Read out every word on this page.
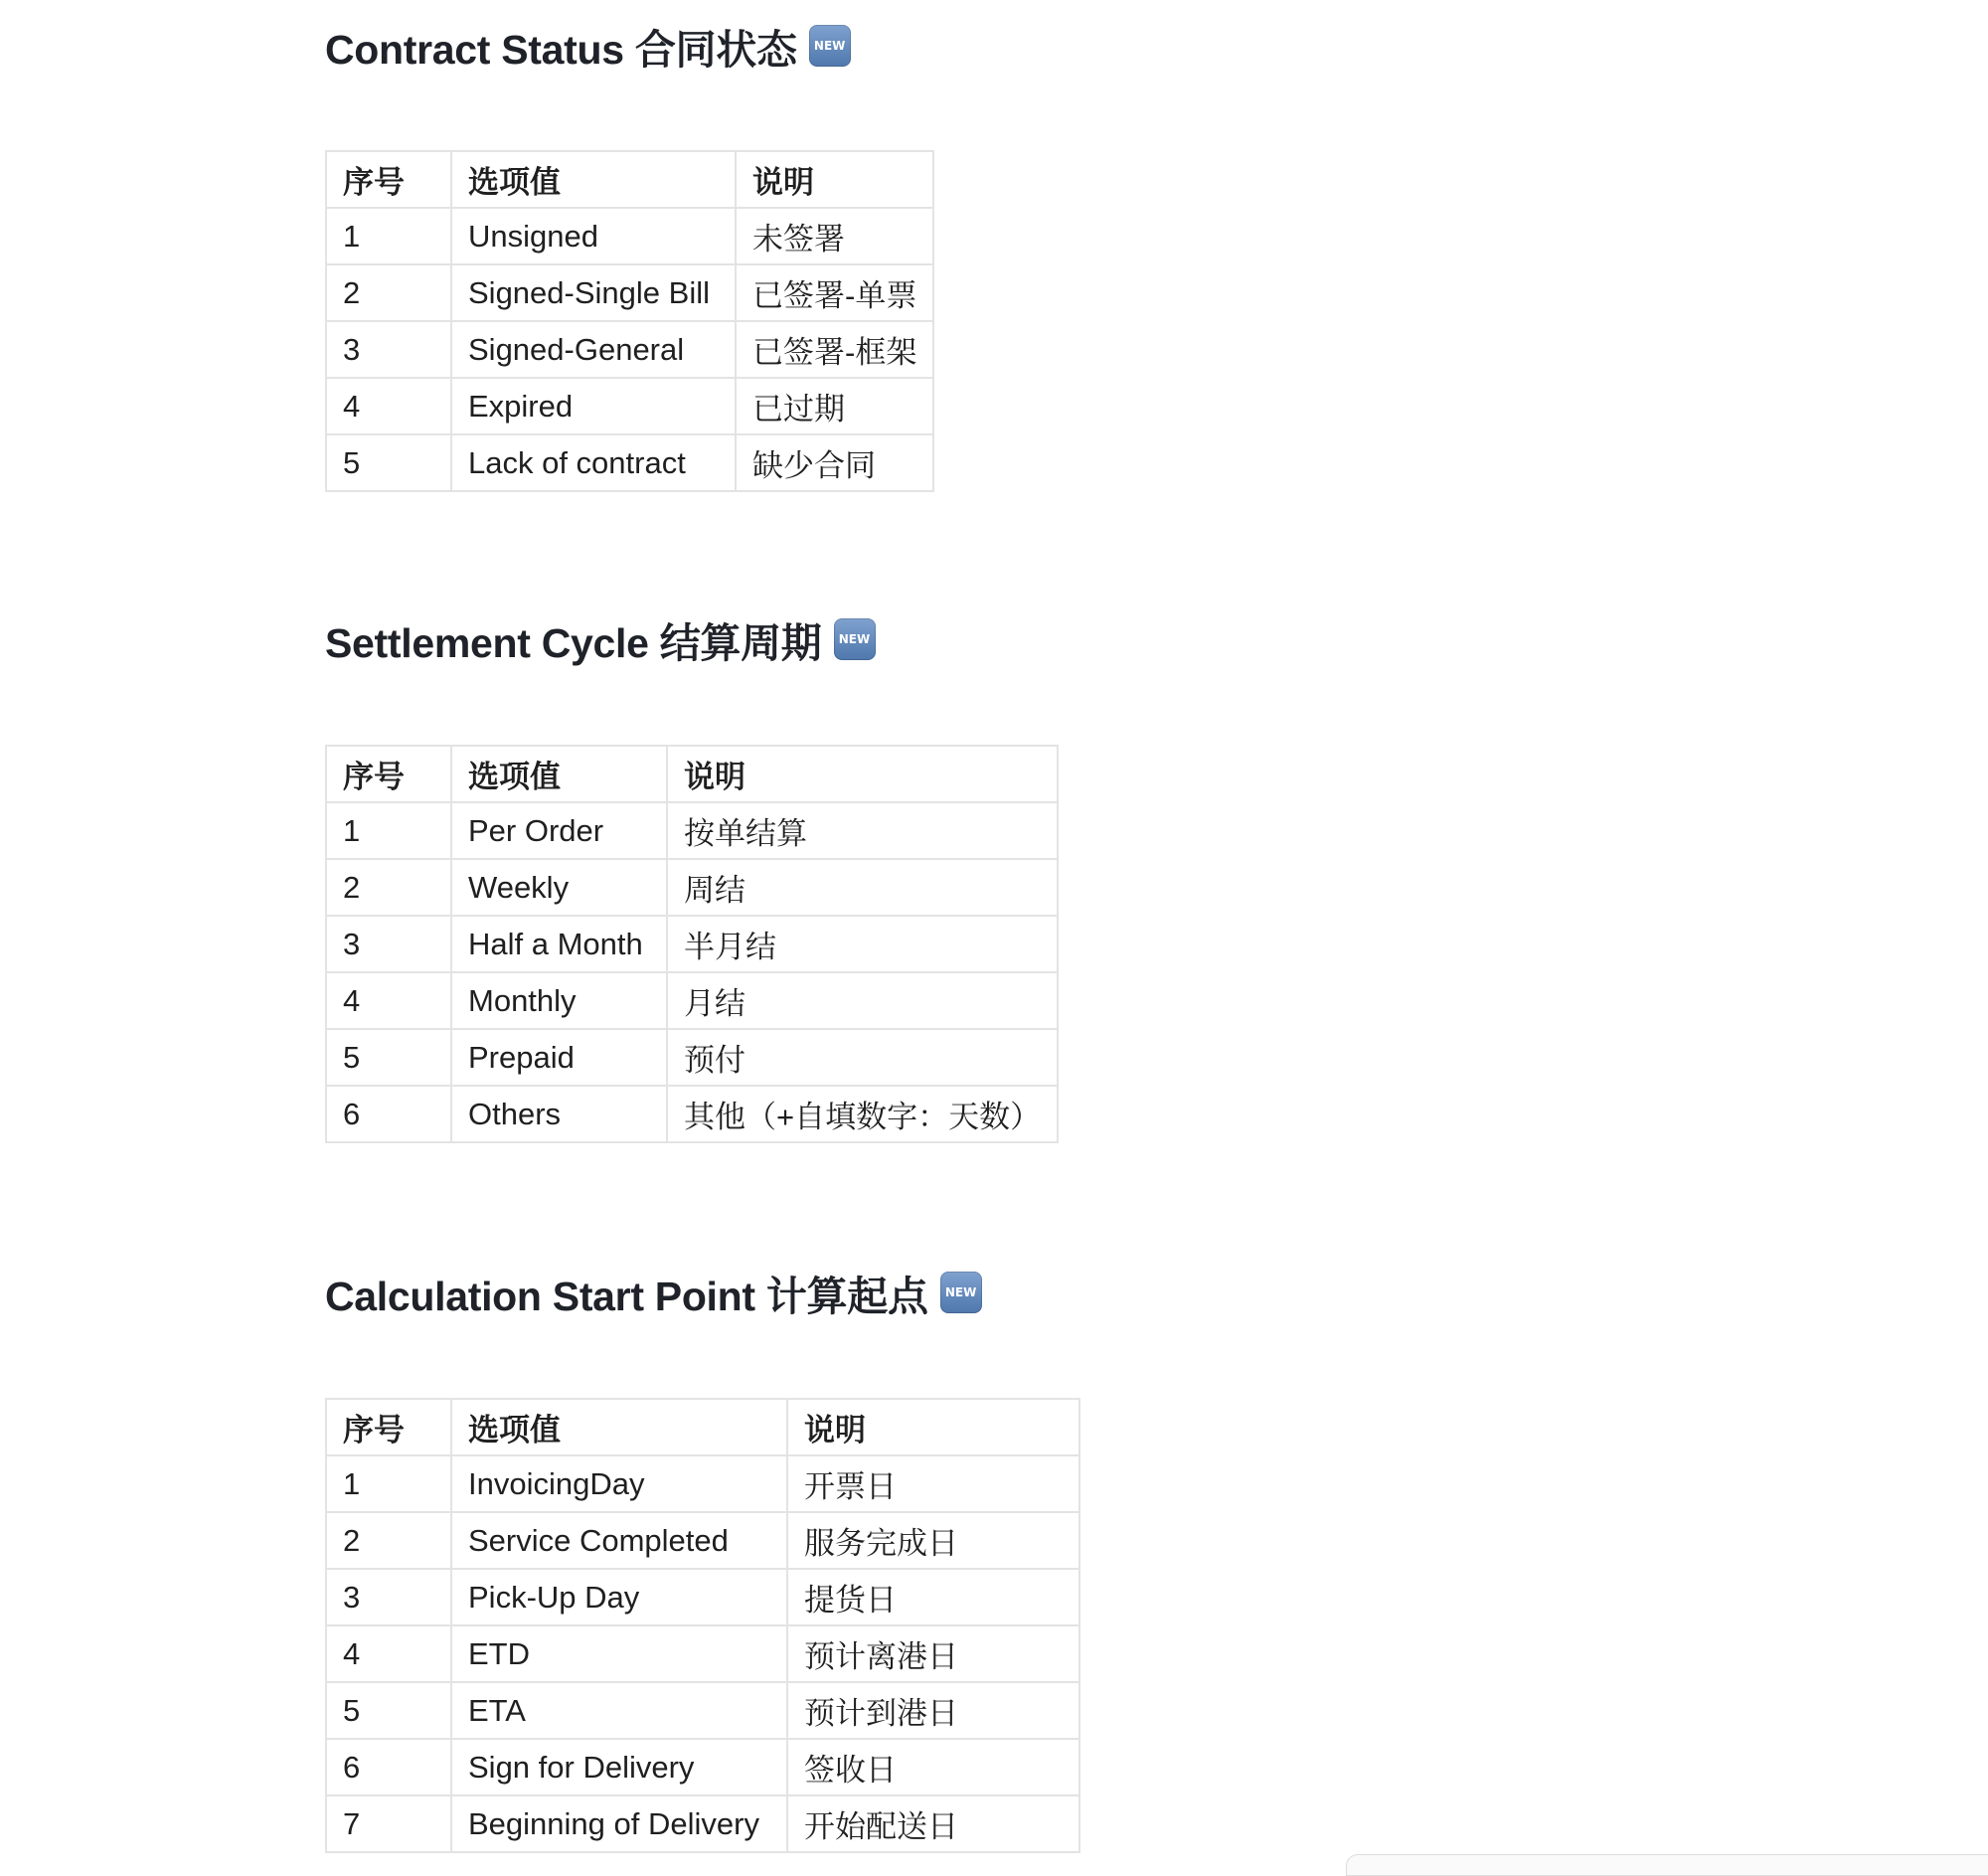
Contract Status 合同状态	NEW
序号	选项值	说明
1	Unsigned	未签署
2	Signed-Single Bill	已签署-单票
3	Signed-General	已签署-框架
4	Expired	已过期
5	Lack of contract	缺少合同
Settlement Cycle 结算周期	NEW
序号	选项值	说明
1	Per Order	按单结算
2	Weekly	周结
3	Half a Month	半月结
4	Monthly	月结
5	Prepaid	预付
6	Others	其他（+自填数字：天数）
Calculation Start Point 计算起点	NEW
序号	选项值	说明
1	InvoicingDay	开票日
2	Service Completed	服务完成日
3	Pick-Up Day	提货日
4	ETD	预计离港日
5	ETA	预计到港日
6	Sign for Delivery	签收日
7	Beginning of Delivery	开始配送日
